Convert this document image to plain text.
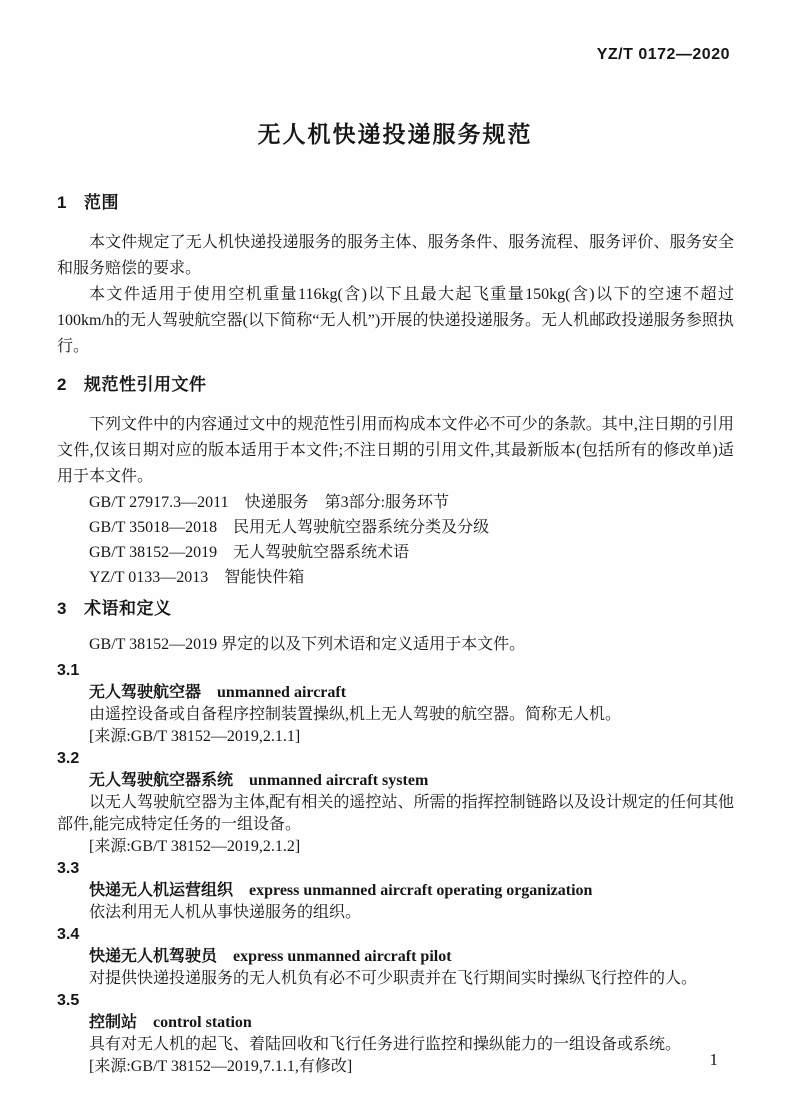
YZ/T 0172—2020
无人机快递投递服务规范
1 范围

本文件规定了无人机快递投递服务的服务主体、服务条件、服务流程、服务评价、服务安全和服务赔偿的要求。

本文件适用于使用空机重量116kg(含)以下且最大起飞重量150kg(含)以下的空速不超过100km/h的无人驾驶航空器(以下简称“无人机”)开展的快递投递服务。无人机邮政投递服务参照执行。

2 规范性引用文件

下列文件中的内容通过文中的规范性引用而构成本文件必不可少的条款。其中,注日期的引用文件,仅该日期对应的版本适用于本文件;不注日期的引用文件,其最新版本(包括所有的修改单)适用于本文件。

GB/T 27917.3—2011 快递服务　第3部分:服务环节
GB/T 35018—2018 民用无人驾驶航空器系统分类及分级
GB/T 38152—2019 无人驾驶航空器系统术语
YZ/T 0133—2013 智能快件箱
3 术语和定义

GB/T 38152—2019 界定的以及下列术语和定义适用于本文件。

3.1
无人驾驶航空器 unmanned aircraft
由遥控设备或自备程序控制装置操纵,机上无人驾驶的航空器。简称无人机。
[来源:GB/T 38152—2019,2.1.1]
3.2
无人驾驶航空器系统 unmanned aircraft system
以无人驾驶航空器为主体,配有相关的遥控站、所需的指挥控制链路以及设计规定的任何其他部件,能完成特定任务的一组设备。
[来源:GB/T 38152—2019,2.1.2]
3.3
快递无人机运营组织 express unmanned aircraft operating organization
依法利用无人机从事快递服务的组织。
3.4
快递无人机驾驶员 express unmanned aircraft pilot
对提供快递投递服务的无人机负有必不可少职责并在飞行期间实时操纵飞行控件的人。
3.5
控制站 control station
具有对无人机的起飞、着陆回收和飞行任务进行监控和操纵能力的一组设备或系统。
[来源:GB/T 38152—2019,7.1.1,有修改]	1
